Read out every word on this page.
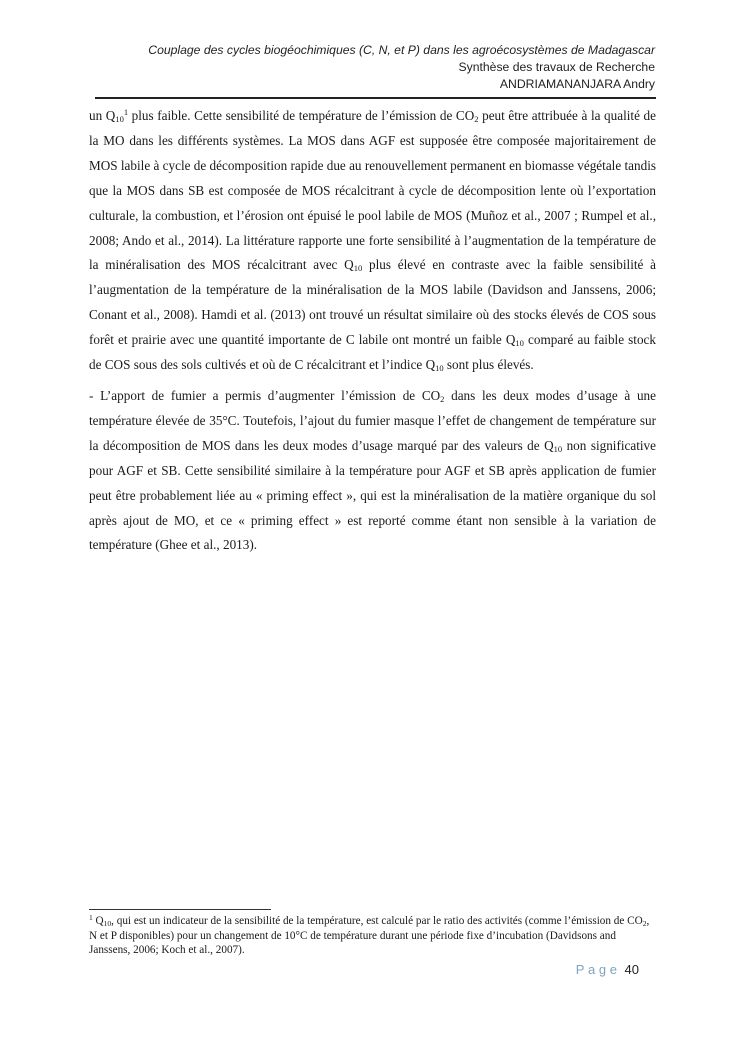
Couplage des cycles biogéochimiques (C, N, et P) dans les agroécosystèmes de Madagascar
Synthèse des travaux de Recherche
ANDRIAMANANJARA Andry

un $Q_{10}^1$ plus faible. Cette sensibilité de température de l’émission de $CO_2$ peut être attribuée à la qualité de la MO dans les différents systèmes. La MOS dans AGF est supposée être composée majoritairement de MOS labile à cycle de décomposition rapide due au renouvellement permanent en biomasse végétale tandis que la MOS dans SB est composée de MOS récalcitrant à cycle de décomposition lente où l’exportation culturale, la combustion, et l’érosion ont épuisé le pool labile de MOS (Muñoz et al., 2007 ; Rumpel et al., 2008; Ando et al., 2014). La littérature rapporte une forte sensibilité à l’augmentation de la température de la minéralisation des MOS récalcitrant avec $Q_{10}$ plus élevé en contraste avec la faible sensibilité à l’augmentation de la température de la minéralisation de la MOS labile (Davidson and Janssens, 2006; Conant et al., 2008). Hamdi et al. (2013) ont trouvé un résultat similaire où des stocks élevés de COS sous forêt et prairie avec une quantité importante de C labile ont montré un faible $Q_{10}$ comparé au faible stock de COS sous des sols cultivés et où de C récalcitrant et l’indice $Q_{10}$ sont plus élevés.

- L’apport de fumier a permis d’augmenter l’émission de $CO_2$ dans les deux modes d’usage à une température élevée de 35°C. Toutefois, l’ajout du fumier masque l’effet de changement de température sur la décomposition de MOS dans les deux modes d’usage marqué par des valeurs de $Q_{10}$ non significative pour AGF et SB. Cette sensibilité similaire à la température pour AGF et SB après application de fumier peut être probablement liée au « priming effect », qui est la minéralisation de la matière organique du sol après ajout de MO, et ce « priming effect » est reporté comme étant non sensible à la variation de température (Ghee et al., 2013).

$^1$ $Q_{10}$, qui est un indicateur de la sensibilité de la température, est calculé par le ratio des activités (comme l’émission de $CO_2$, N et P disponibles) pour un changement de 10°C de température durant une période fixe d’incubation (Davidsons and Janssens, 2006; Koch et al., 2007).
Page 40
